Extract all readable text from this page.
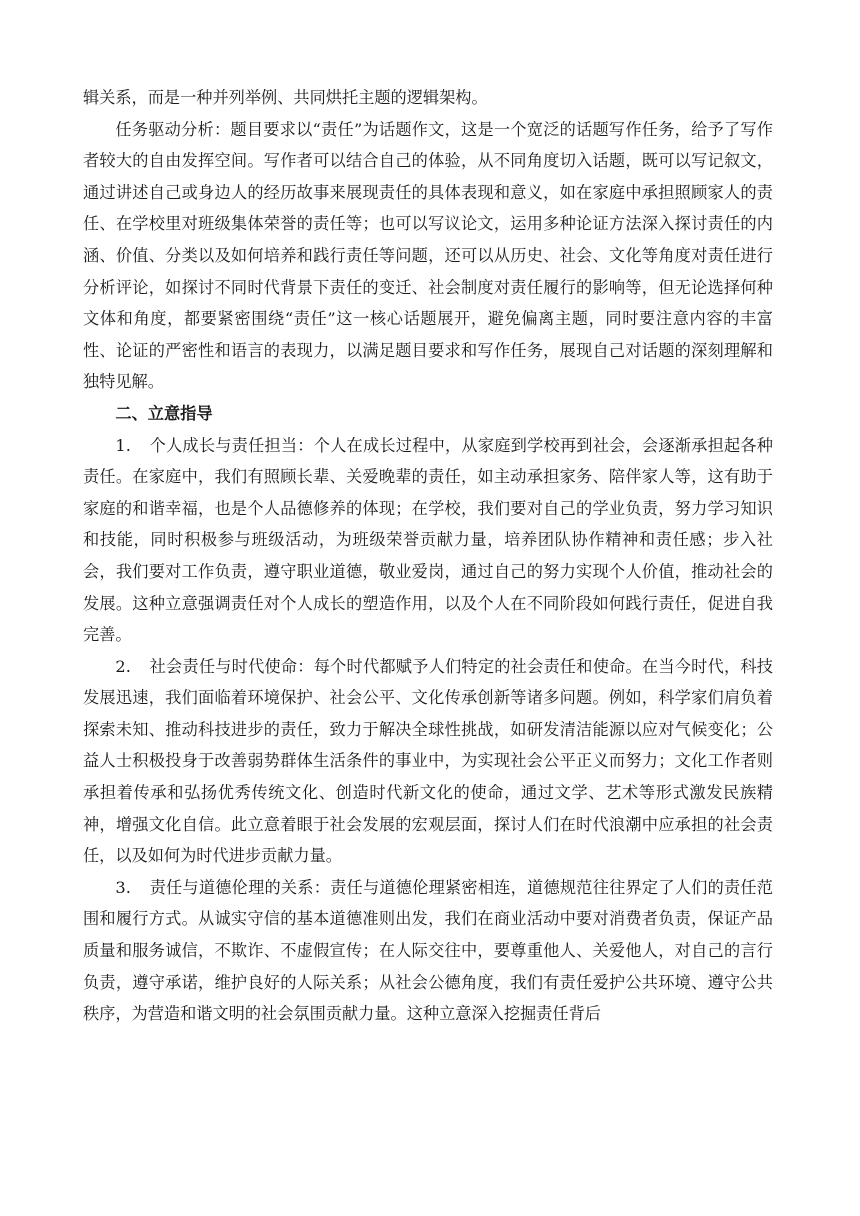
辑关系，而是一种并列举例、共同烘托主题的逻辑架构。

任务驱动分析：题目要求以“责任”为话题作文，这是一个宽泛的话题写作任务，给予了写作者较大的自由发挥空间。写作者可以结合自己的体验，从不同角度切入话题，既可以写记叙文，通过讲述自己或身边人的经历故事来展现责任的具体表现和意义，如在家庭中承担照顾家人的责任、在学校里对班级集体荣誉的责任等；也可以写议论文，运用多种论证方法深入探讨责任的内涵、价值、分类以及如何培养和践行责任等问题，还可以从历史、社会、文化等角度对责任进行分析评论，如探讨不同时代背景下责任的变迁、社会制度对责任履行的影响等，但无论选择何种文体和角度，都要紧密围绕“责任”这一核心话题展开，避免偏离主题，同时要注意内容的丰富性、论证的严密性和语言的表现力，以满足题目要求和写作任务，展现自己对话题的深刻理解和独特见解。

二、立意指导

1. 个人成长与责任担当：个人在成长过程中，从家庭到学校再到社会，会逐渐承担起各种责任。在家庭中，我们有照顾长辈、关爱晚辈的责任，如主动承担家务、陪伴家人等，这有助于家庭的和谐幸福，也是个人品德修养的体现；在学校，我们要对自己的学业负责，努力学习知识和技能，同时积极参与班级活动，为班级荣誉贡献力量，培养团队协作精神和责任感；步入社会，我们要对工作负责，遵守职业道德，敬业爱岗，通过自己的努力实现个人价值，推动社会的发展。这种立意强调责任对个人成长的塑造作用，以及个人在不同阶段如何践行责任，促进自我完善。

2. 社会责任与时代使命：每个时代都赋予人们特定的社会责任和使命。在当今时代，科技发展迅速，我们面临着环境保护、社会公平、文化传承创新等诸多问题。例如，科学家们肩负着探索未知、推动科技进步的责任，致力于解决全球性挑战，如研发清洁能源以应对气候变化；公益人士积极投身于改善弱势群体生活条件的事业中，为实现社会公平正义而努力；文化工作者则承担着传承和弘扬优秀传统文化、创造时代新文化的使命，通过文学、艺术等形式激发民族精神，增强文化自信。此立意着眼于社会发展的宏观层面，探讨人们在时代浪潮中应承担的社会责任，以及如何为时代进步贡献力量。

3. 责任与道德伦理的关系：责任与道德伦理紧密相连，道德规范往往界定了人们的责任范围和履行方式。从诚实守信的基本道德准则出发，我们在商业活动中要对消费者负责，保证产品质量和服务诚信，不欺诈、不虚假宣传；在人际交往中，要尊重他人、关爱他人，对自己的言行负责，遵守承诺，维护良好的人际关系；从社会公德角度，我们有责任爱护公共环境、遵守公共秩序，为营造和谐文明的社会氛围贡献力量。这种立意深入挖掘责任背后
